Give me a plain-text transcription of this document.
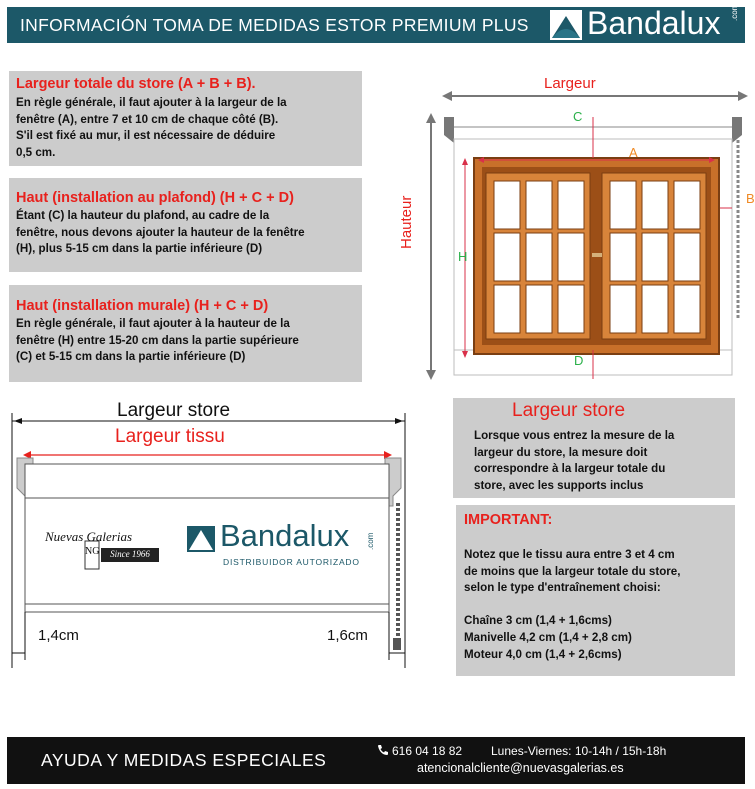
INFORMACIÓN TOMA DE MEDIDAS ESTOR PREMIUM PLUS Bandalux .com
Largeur totale du store (A + B + B).
En règle générale, il faut ajouter à la largeur de la
fenêtre (A), entre 7 et 10 cm de chaque côté (B).
S'il est fixé au mur, il est nécessaire de déduire
0,5 cm.
Haut (installation au plafond) (H + C + D)
Étant (C) la hauteur du plafond, au cadre de la
fenêtre, nous devons ajouter la hauteur de la fenêtre
(H), plus 5-15 cm dans la partie inférieure (D)
Haut (installation murale) (H + C + D)
En règle générale, il faut ajouter à la hauteur de la
fenêtre (H) entre 15-20 cm dans la partie supérieure
(C) et 5-15 cm dans la partie inférieure (D)
Largeur
Hauteur
A
B
C
D
H
Largeur store
Largeur tissu
Nuevas Galerias
NG	Since 1966
Bandalux .com
DISTRIBUIDOR AUTORIZADO
1,4cm	1,6cm
Largeur store
Lorsque vous entrez la mesure de la
largeur du store, la mesure doit
correspondre à la largeur totale du
store, avec les supports inclus
IMPORTANT:
Notez que le tissu aura entre 3 et 4 cm
de moins que la largeur totale du store,
selon le type d'entraînement choisi:
Chaîne 3 cm (1,4 + 1,6cms)
Manivelle 4,2 cm (1,4 + 2,8 cm)
Moteur 4,0 cm (1,4 + 2,6cms)
AYUDA Y MEDIDAS ESPECIALES	616 04 18 82 Lunes-Viernes: 10-14h / 15h-18h
atencionalcliente@nuevasgalerias.es
